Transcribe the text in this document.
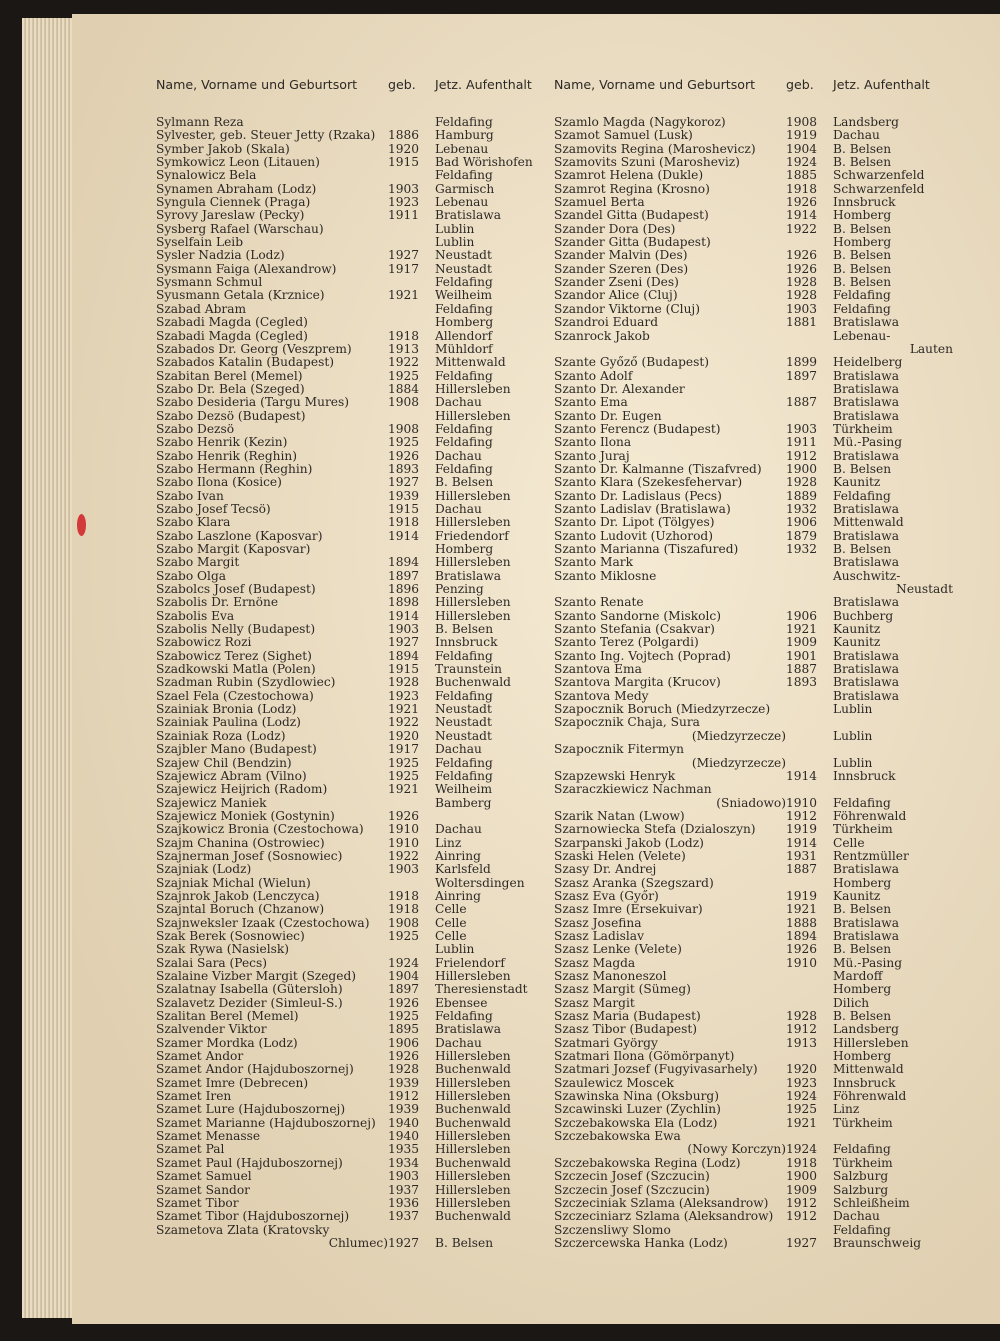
Name, Vorname und Geburtsort	geb.	Jetz. Aufenthalt
Sylmann Reza	Feldafing
Sylvester, geb. Steuer Jetty (Rzaka)	1886	Hamburg
Symber Jakob (Skala)	1920	Lebenau
Symkowicz Leon (Litauen)	1915	Bad Wörishofen
Synalowicz Bela	Feldafing
Synamen Abraham (Lodz)	1903	Garmisch
Syngula Ciennek (Praga)	1923	Lebenau
Syrovy Jareslaw (Pecky)	1911	Bratislawa
Sysberg Rafael (Warschau)	Lublin
Syselfain Leib	Lublin
Sysler Nadzia (Lodz)	1927	Neustadt
Sysmann Faiga (Alexandrow)	1917	Neustadt
Sysmann Schmul	Feldafing
Syusmann Getala (Krznice)	1921	Weilheim
Szabad Abram	Feldafing
Szabadi Magda (Cegled)	Homberg
Szabadi Magda (Cegled)	1918	Allendorf
Szabados Dr. Georg (Veszprem)	1913	Mühldorf
Szabados Katalin (Budapest)	1922	Mittenwald
Szabitan Berel (Memel)	1925	Feldafing
Szabo Dr. Bela (Szeged)	1884	Hillersleben
Szabo Desideria (Targu Mures)	1908	Dachau
Szabo Dezsö (Budapest)	Hillersleben
Szabo Dezsö	1908	Feldafing
Szabo Henrik (Kezin)	1925	Feldafing
Szabo Henrik (Reghin)	1926	Dachau
Szabo Hermann (Reghin)	1893	Feldafing
Szabo Ilona (Kosice)	1927	B. Belsen
Szabo Ivan	1939	Hillersleben
Szabo Josef Tecsö)	1915	Dachau
Szabo Klara	1918	Hillersleben
Szabo Laszlone (Kaposvar)	1914	Friedendorf
Szabo Margit (Kaposvar)	Homberg
Szabo Margit	1894	Hillersleben
Szabo Olga	1897	Bratislawa
Szabolcs Josef (Budapest)	1896	Penzing
Szabolis Dr. Ernöne	1898	Hillersleben
Szabolis Eva	1914	Hillersleben
Szabolis Nelly (Budapest)	1903	B. Belsen
Szabowicz Rozi	1927	Innsbruck
Szabowicz Terez (Sighet)	1894	Feldafing
Szadkowski Matla (Polen)	1915	Traunstein
Szadman Rubin (Szydlowiec)	1928	Buchenwald
Szael Fela (Czestochowa)	1923	Feldafing
Szainiak Bronia (Lodz)	1921	Neustadt
Szainiak Paulina (Lodz)	1922	Neustadt
Szainiak Roza (Lodz)	1920	Neustadt
Szajbler Mano (Budapest)	1917	Dachau
Szajew Chil (Bendzin)	1925	Feldafing
Szajewicz Abram (Vilno)	1925	Feldafing
Szajewicz Heijrich (Radom)	1921	Weilheim
Szajewicz Maniek	Bamberg
Szajewicz Moniek (Gostynin)	1926
Szajkowicz Bronia (Czestochowa)	1910	Dachau
Szajm Chanina (Ostrowiec)	1910	Linz
Szajnerman Josef (Sosnowiec)	1922	Ainring
Szajniak (Lodz)	1903	Karlsfeld
Szajniak Michal (Wielun)	Woltersdingen
Szajnrok Jakob (Lenczyca)	1918	Ainring
Szajntal Boruch (Chzanow)	1918	Celle
Szajnweksler Izaak (Czestochowa)	1908	Celle
Szak Berek (Sosnowiec)	1925	Celle
Szak Rywa (Nasielsk)	Lublin
Szalai Sara (Pecs)	1924	Frielendorf
Szalaine Vizber Margit (Szeged)	1904	Hillersleben
Szalatnay Isabella (Gütersloh)	1897	Theresienstadt
Szalavetz Dezider (Simleul-S.)	1926	Ebensee
Szalitan Berel (Memel)	1925	Feldafing
Szalvender Viktor	1895	Bratislawa
Szamer Mordka (Lodz)	1906	Dachau
Szamet Andor	1926	Hillersleben
Szamet Andor (Hajduboszornej)	1928	Buchenwald
Szamet Imre (Debrecen)	1939	Hillersleben
Szamet Iren	1912	Hillersleben
Szamet Lure (Hajduboszornej)	1939	Buchenwald
Szamet Marianne (Hajduboszornej)	1940	Buchenwald
Szamet Menasse	1940	Hillersleben
Szamet Pal	1935	Hillersleben
Szamet Paul (Hajduboszornej)	1934	Buchenwald
Szamet Samuel	1903	Hillersleben
Szamet Sandor	1937	Hillersleben
Szamet Tibor	1936	Hillersleben
Szamet Tibor (Hajduboszornej)	1937	Buchenwald
Szametova Zlata (Kratovsky
Chlumec) 1927	B. Belsen
Name, Vorname und Geburtsort	geb.	Jetz. Aufenthalt
Szamlo Magda (Nagykoroz)	1908	Landsberg
Szamot Samuel (Lusk)	1919	Dachau
Szamovits Regina (Maroshevicz)	1904	B. Belsen
Szamovits Szuni (Marosheviz)	1924	B. Belsen
Szamrot Helena (Dukle)	1885	Schwarzenfeld
Szamrot Regina (Krosno)	1918	Schwarzenfeld
Szamuel Berta	1926	Innsbruck
Szandel Gitta (Budapest)	1914	Homberg
Szander Dora (Des)	1922	B. Belsen
Szander Gitta (Budapest)	Homberg
Szander Malvin (Des)	1926	B. Belsen
Szander Szeren (Des)	1926	B. Belsen
Szander Zseni (Des)	1928	B. Belsen
Szandor Alice (Cluj)	1928	Feldafing
Szandor Viktorne (Cluj)	1903	Feldafing
Szandroi Eduard	1881	Bratislawa
Szanrock Jakob	Lebenau-
Lauten
Szante Győző (Budapest)	1899	Heidelberg
Szanto Adolf	1897	Bratislawa
Szanto Dr. Alexander	Bratislawa
Szanto Ema	1887	Bratislawa
Szanto Dr. Eugen	Bratislawa
Szanto Ferencz (Budapest)	1903	Türkheim
Szanto Ilona	1911	Mü.-Pasing
Szanto Juraj	1912	Bratislawa
Szanto Dr. Kalmanne (Tiszafvred)	1900	B. Belsen
Szanto Klara (Szekesfehervar)	1928	Kaunitz
Szanto Dr. Ladislaus (Pecs)	1889	Feldafing
Szanto Ladislav (Bratislawa)	1932	Bratislawa
Szanto Dr. Lipot (Tölgyes)	1906	Mittenwald
Szanto Ludovit (Uzhorod)	1879	Bratislawa
Szanto Marianna (Tiszafured)	1932	B. Belsen
Szanto Mark	Bratislawa
Szanto Miklosne	Auschwitz-
Neustadt
Szanto Renate	Bratislawa
Szanto Sandorne (Miskolc)	1906	Buchberg
Szanto Stefania (Csakvar)	1921	Kaunitz
Szanto Terez (Polgardi)	1909	Kaunitz
Szanto Ing. Vojtech (Poprad)	1901	Bratislawa
Szantova Ema	1887	Bratislawa
Szantova Margita (Krucov)	1893	Bratislawa
Szantova Medy	Bratislawa
Szapocznik Boruch (Miedzyrzecze)	Lublin
Szapocznik Chaja, Sura
(Miedzyrzecze)	Lublin
Szapocznik Fitermyn
(Miedzyrzecze)	Lublin
Szapzewski Henryk	1914	Innsbruck
Szaraczkiewicz Nachman
(Sniadowo) 1910	Feldafing
Szarik Natan (Lwow)	1912	Föhrenwald
Szarnowiecka Stefa (Dzialoszyn)	1919	Türkheim
Szarpanski Jakob (Lodz)	1914	Celle
Szaski Helen (Velete)	1931	Rentzmüller
Szasy Dr. Andrej	1887	Bratislawa
Szasz Aranka (Szegszard)	Homberg
Szasz Eva (Győr)	1919	Kaunitz
Szasz Imre (Ersekuivar)	1921	B. Belsen
Szasz Josefina	1888	Bratislawa
Szasz Ladislav	1894	Bratislawa
Szasz Lenke (Velete)	1926	B. Belsen
Szasz Magda	1910	Mü.-Pasing
Szasz Manoneszol	Mardoff
Szasz Margit (Sümeg)	Homberg
Szasz Margit	Dilich
Szasz Maria (Budapest)	1928	B. Belsen
Szasz Tibor (Budapest)	1912	Landsberg
Szatmari György	1913	Hillersleben
Szatmari Ilona (Gömörpanyt)	Homberg
Szatmari Jozsef (Fugyivasarhely)	1920	Mittenwald
Szaulewicz Moscek	1923	Innsbruck
Szawinska Nina (Oksburg)	1924	Föhrenwald
Szcawinski Luzer (Zychlin)	1925	Linz
Szczebakowska Ela (Lodz)	1921	Türkheim
Szczebakowska Ewa
(Nowy Korczyn) 1924	Feldafing
Szczebakowska Regina (Lodz)	1918	Türkheim
Szczecin Josef (Szczucin)	1900	Salzburg
Szczecin Josef (Szczucin)	1909	Salzburg
Szczeciniak Szlama (Aleksandrow)	1912	Schleißheim
Szczeciniarz Szlama (Aleksandrow)	1912	Dachau
Szczensliwy Slomo	Feldafing
Szczercewska Hanka (Lodz)	1927	Braunschweig
